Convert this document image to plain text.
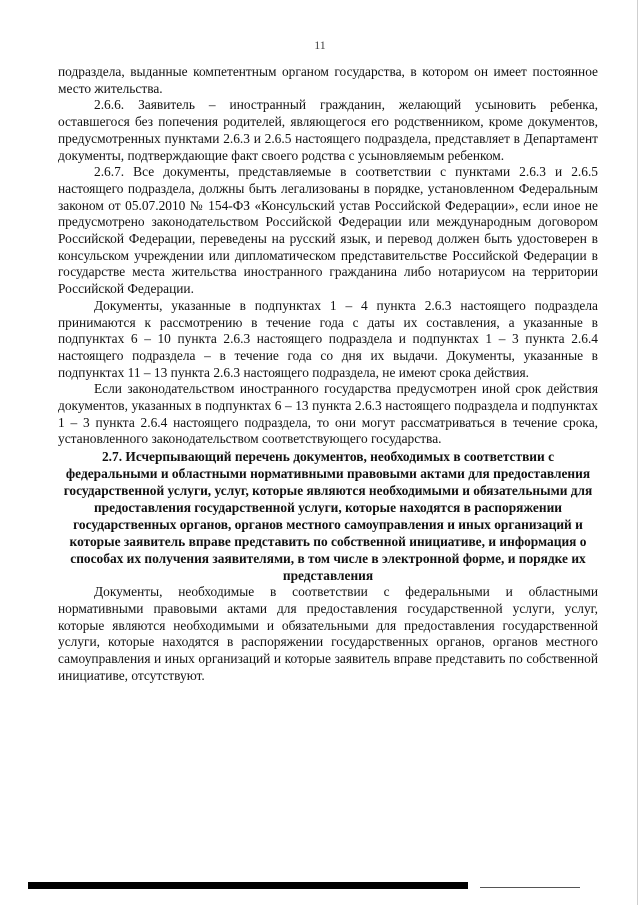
11

подраздела, выданные компетентным органом государства, в котором он имеет постоянное место жительства.

2.6.6. Заявитель – иностранный гражданин, желающий усыновить ребенка, оставшегося без попечения родителей, являющегося его родственником, кроме документов, предусмотренных пунктами 2.6.3 и 2.6.5 настоящего подраздела, представляет в Департамент документы, подтверждающие факт своего родства с усыновляемым ребенком.

2.6.7. Все документы, представляемые в соответствии с пунктами 2.6.3 и 2.6.5 настоящего подраздела, должны быть легализованы в порядке, установленном Федеральным законом от 05.07.2010 № 154-ФЗ «Консульский устав Российской Федерации», если иное не предусмотрено законодательством Российской Федерации или международным договором Российской Федерации, переведены на русский язык, и перевод должен быть удостоверен в консульском учреждении или дипломатическом представительстве Российской Федерации в государстве места жительства иностранного гражданина либо нотариусом на территории Российской Федерации.

Документы, указанные в подпунктах 1 – 4 пункта 2.6.3 настоящего подраздела принимаются к рассмотрению в течение года с даты их составления, а указанные в подпунктах 6 – 10 пункта 2.6.3 настоящего подраздела и подпунктах 1 – 3 пункта 2.6.4 настоящего подраздела – в течение года со дня их выдачи. Документы, указанные в подпунктах 11 – 13 пункта 2.6.3 настоящего подраздела, не имеют срока действия.

Если законодательством иностранного государства предусмотрен иной срок действия документов, указанных в подпунктах 6 – 13 пункта 2.6.3 настоящего подраздела и подпунктах 1 – 3 пункта 2.6.4 настоящего подраздела, то они могут рассматриваться в течение срока, установленного законодательством соответствующего государства.

2.7. Исчерпывающий перечень документов, необходимых в соответствии с федеральными и областными нормативными правовыми актами для предоставления государственной услуги, услуг, которые являются необходимыми и обязательными для предоставления государственной услуги, которые находятся в распоряжении государственных органов, органов местного самоуправления и иных организаций и которые заявитель вправе представить по собственной инициативе, и информация о способах их получения заявителями, в том числе в электронной форме, и порядке их представления

Документы, необходимые в соответствии с федеральными и областными нормативными правовыми актами для предоставления государственной услуги, услуг, которые являются необходимыми и обязательными для предоставления государственной услуги, которые находятся в распоряжении государственных органов, органов местного самоуправления и иных организаций и которые заявитель вправе представить по собственной инициативе, отсутствуют.
